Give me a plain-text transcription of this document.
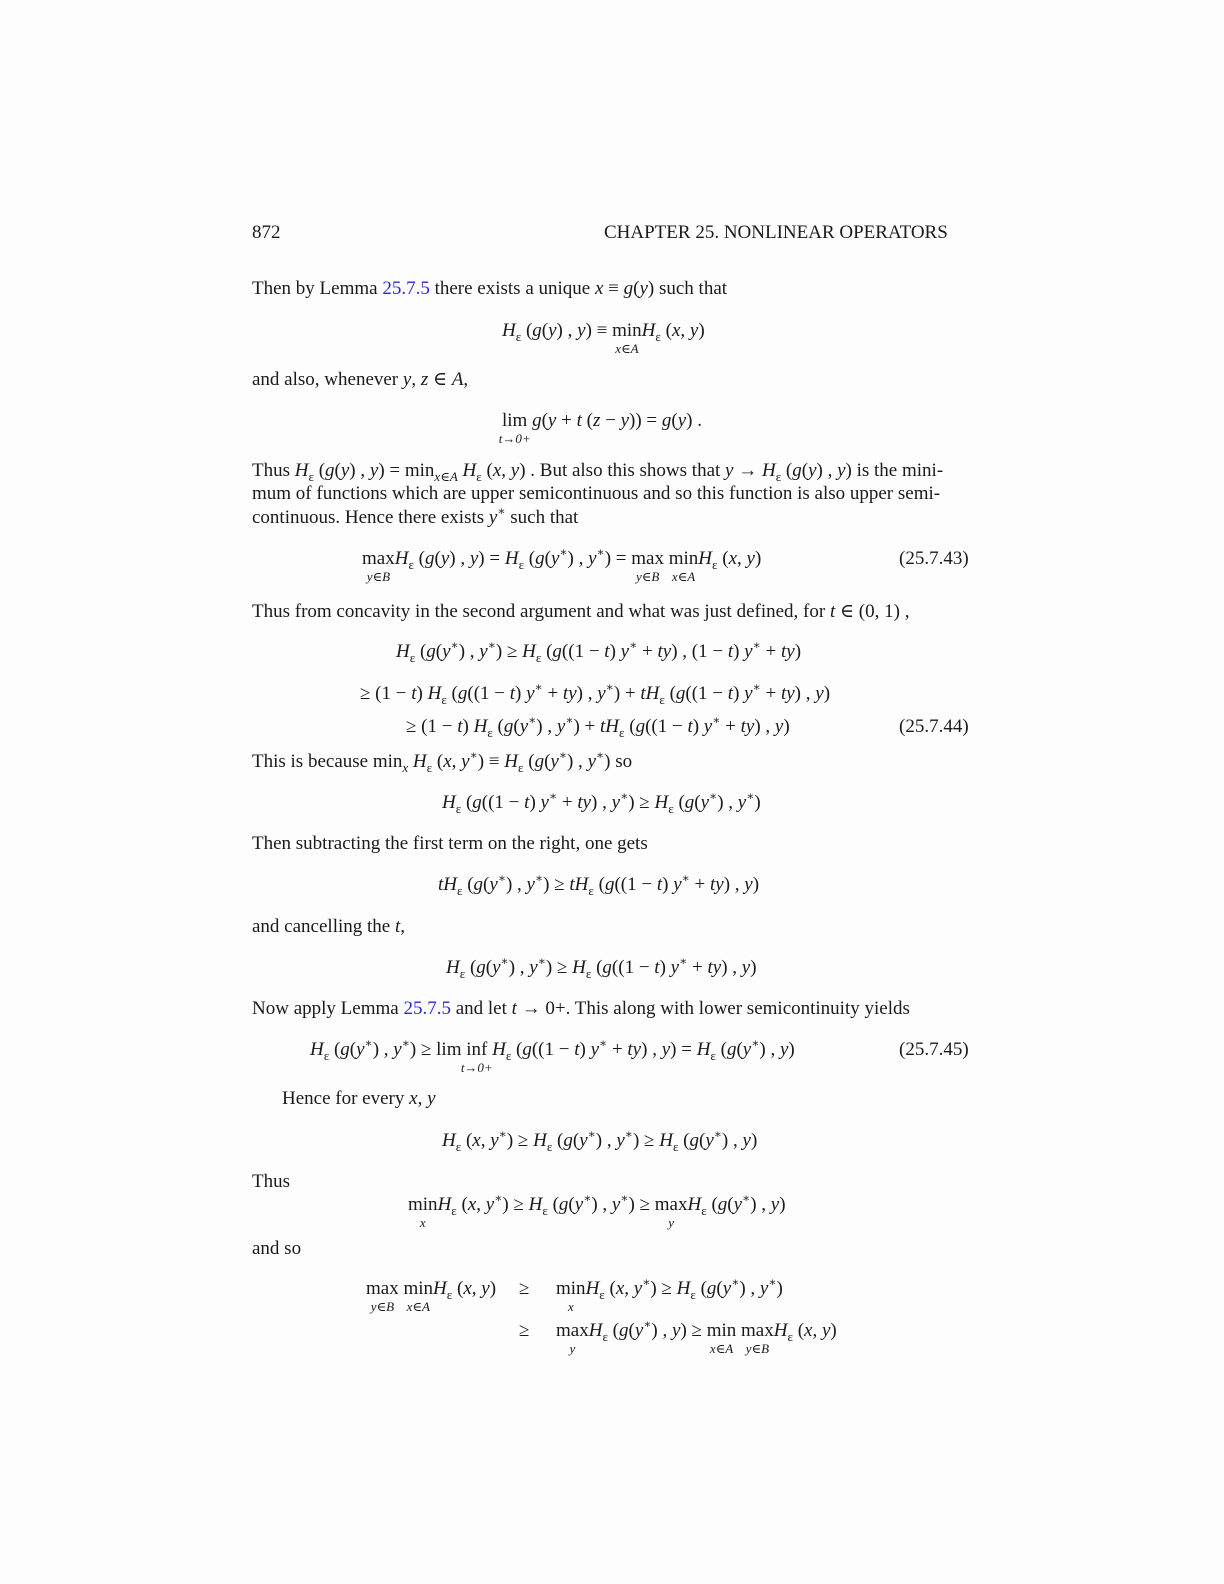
872	CHAPTER 25. NONLINEAR OPERATORS
Then by Lemma 25.7.5 there exists a unique x ≡ g(y) such that
$H_\varepsilon$ (g(y) , y) ≡ min
x∈A
$H_\varepsilon$ (x, y)
and also, whenever y, z ∈ A,
lim
t→0+
g(y + t (z − y)) = g(y) .
Thus $H_\varepsilon$ (g(y) , $y) = \min_{x\in A} H_\varepsilon$ (x, y) . But also this shows that $y \to H_\varepsilon$ (g(y) , y) is the mini-
mum of functions which are upper semicontinuous and so this function is also upper semi-
continuous. Hence there exists y∗ such that
max
y∈B
$H_\varepsilon$ (g(y) , $y) = H_\varepsilon$ (g(y∗) , y∗) = max
y∈B
min
x∈A
$H_\varepsilon$ (x, y)	(25.7.43)
Thus from concavity in the second argument and what was just defined, for t ∈ (0, 1) ,
$H_\varepsilon$ (g(y∗) , $y^∗) \ge H_\varepsilon$ (g((1 − t) y∗ + ty) , (1 − t) y∗ + ty)
≥ (1 − t) $H_\varepsilon$ (g((1 − t) y∗ + ty) , $y^∗) + tH_\varepsilon$ (g((1 − t) y∗ + ty) , y)
≥ (1 − t) $H_\varepsilon$ (g(y∗) , $y^∗) + tH_\varepsilon$ (g((1 − t) y∗ + ty) , y)	(25.7.44)
This is because $\min_x H_\varepsilon$ (x, $y^∗) \equiv H_\varepsilon$ (g(y∗) , y∗) so
$H_\varepsilon$ (g((1 − t) y∗ + ty) , $y^∗) \ge H_\varepsilon$ (g(y∗) , y∗)
Then subtracting the first term on the right, one gets
$tH_\varepsilon$ (g(y∗) , $y^∗) \ge tH_\varepsilon$ (g((1 − t) y∗ + ty) , y)
and cancelling the t,
$H_\varepsilon$ (g(y∗) , $y^∗) \ge H_\varepsilon$ (g((1 − t) y∗ + ty) , y)
Now apply Lemma 25.7.5 and let t → 0+. This along with lower semicontinuity yields
$H_\varepsilon$ (g(y∗) , y∗) ≥ lim inf
t→0+
$H_\varepsilon$ (g((1 − t) y∗ + ty) , $y) = H_\varepsilon$ (g(y∗) , y)	(25.7.45)
Hence for every x, y
$H_\varepsilon$ (x, $y^∗) \ge H_\varepsilon$ (g(y∗) , $y^∗) \ge H_\varepsilon$ (g(y∗) , y)
Thus
min
x
$H_\varepsilon$ (x, $y^∗) \ge H_\varepsilon$ (g(y∗) , y∗) ≥ max
y
$H_\varepsilon$ (g(y∗) , y)
and so
max
y∈B
min
x∈A
$H_\varepsilon$ (x, y) ≥ min
x
$H_\varepsilon$ (x, $y^∗) \ge H_\varepsilon$ (g(y∗) , y∗)
≥ max
y
$H_\varepsilon$ (g(y∗) , y) ≥ min
x∈A
max
y∈B
$H_\varepsilon$ (x, y)
